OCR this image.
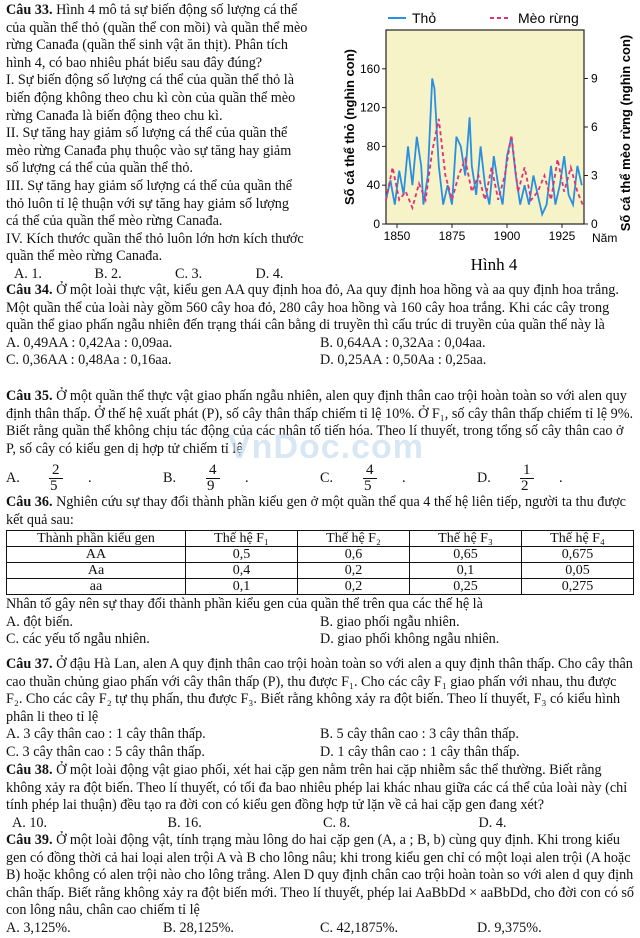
Câu 33. Hình 4 mô tả sự biến động số lượng cá thể

của quần thể thỏ (quần thể con mồi) và quần thể mèo

rừng Canađa (quần thể sinh vật ăn thịt). Phân tích

hình 4, có bao nhiêu phát biểu sau đây đúng?

I. Sự biến động số lượng cá thể của quần thể thỏ là

biến động không theo chu kì còn của quần thể mèo

rừng Canađa là biến động theo chu kì.

II. Sự tăng hay giảm số lượng cá thể của quần thể

mèo rừng Canađa phụ thuộc vào sự tăng hay giảm

số lượng cá thể của quần thể thỏ.

III. Sự tăng hay giảm số lượng cá thể của quần thể

thỏ luôn tỉ lệ thuận với sự tăng hay giảm số lượng

cá thể của quần thể mèo rừng Canađa.

IV. Kích thước quần thể thỏ luôn lớn hơn kích thước

quần thể mèo rừng Canađa.

A. 1.	B. 2.	C. 3.	D. 4.
Thỏ	Mèo rừng
0
40
80
120
160
0
3
6
9
1850 1875 1900 1925 Năm
Số cá thể thỏ (nghìn con)	Số cá thể mèo rừng (nghìn con)
Hình 4

Câu 34. Ở một loài thực vật, kiểu gen AA quy định hoa đỏ, Aa quy định hoa hồng và aa quy định hoa trắng. Một quần thể của loài này gồm 560 cây hoa đỏ, 280 cây hoa hồng và 160 cây hoa trắng. Khi các cây trong quần thể giao phấn ngẫu nhiên đến trạng thái cân bằng di truyền thì cấu trúc di truyền của quần thể này là

A. 0,49AA : 0,42Aa : 0,09aa.	B. 0,64AA : 0,32Aa : 0,04aa.
C. 0,36AA : 0,48Aa : 0,16aa.	D. 0,25AA : 0,50Aa : 0,25aa.

Câu 35. Ở một quần thể thực vật giao phấn ngẫu nhiên, alen quy định thân cao trội hoàn toàn so với alen quy định thân thấp. Ở thế hệ xuất phát (P), số cây thân thấp chiếm tỉ lệ 10%. Ở F₁, số cây thân thấp chiếm tỉ lệ 9%. Biết rằng quần thể không chịu tác động của các nhân tố tiến hóa. Theo lí thuyết, trong tổng số cây thân cao ở P, số cây có kiểu gen dị hợp tử chiếm tỉ lệ

A. $\frac{2}{5}$ .	B. $\frac{4}{9}$ .	C. $\frac{4}{5}$ .	D. $\frac{1}{2}$ .
VnDoc.com

Câu 36. Nghiên cứu sự thay đổi thành phần kiểu gen ở một quần thể qua 4 thế hệ liên tiếp, người ta thu được kết quả sau:

Thành phần kiểu gen	Thế hệ F₁	Thế hệ F₂	Thế hệ F₃	Thế hệ F₄
AA	0,5	0,6	0,65	0,675
Aa	0,4	0,2	0,1	0,05
aa	0,1	0,2	0,25	0,275

Nhân tố gây nên sự thay đổi thành phần kiểu gen của quần thể trên qua các thế hệ là

A. đột biến.	B. giao phối ngẫu nhiên.
C. các yếu tố ngẫu nhiên.	D. giao phối không ngẫu nhiên.

Câu 37. Ở đậu Hà Lan, alen A quy định thân cao trội hoàn toàn so với alen a quy định thân thấp. Cho cây thân cao thuần chủng giao phấn với cây thân thấp (P), thu được F₁. Cho các cây F₁ giao phấn với nhau, thu được F₂. Cho các cây F₂ tự thụ phấn, thu được F₃. Biết rằng không xảy ra đột biến. Theo lí thuyết, F₃ có kiểu hình phân li theo tỉ lệ

A. 3 cây thân cao : 1 cây thân thấp.	B. 5 cây thân cao : 3 cây thân thấp.
C. 3 cây thân cao : 5 cây thân thấp.	D. 1 cây thân cao : 1 cây thân thấp.

Câu 38. Ở một loài động vật giao phối, xét hai cặp gen nằm trên hai cặp nhiễm sắc thể thường. Biết rằng không xảy ra đột biến. Theo lí thuyết, có tối đa bao nhiêu phép lai khác nhau giữa các cá thể của loài này (chỉ tính phép lai thuận) đều tạo ra đời con có kiểu gen đồng hợp tử lặn về cả hai cặp gen đang xét?

A. 10.	B. 16.	C. 8.	D. 4.

Câu 39. Ở một loài động vật, tính trạng màu lông do hai cặp gen (A, a ; B, b) cùng quy định. Khi trong kiểu gen có đồng thời cả hai loại alen trội A và B cho lông nâu; khi trong kiểu gen chỉ có một loại alen trội (A hoặc B) hoặc không có alen trội nào cho lông trắng. Alen D quy định chân cao trội hoàn toàn so với alen d quy định chân thấp. Biết rằng không xảy ra đột biến mới. Theo lí thuyết, phép lai AaBbDd × aaBbDd, cho đời con có số con lông nâu, chân cao chiếm tỉ lệ

A. 3,125%.	B. 28,125%.	C. 42,1875%.	D. 9,375%.
